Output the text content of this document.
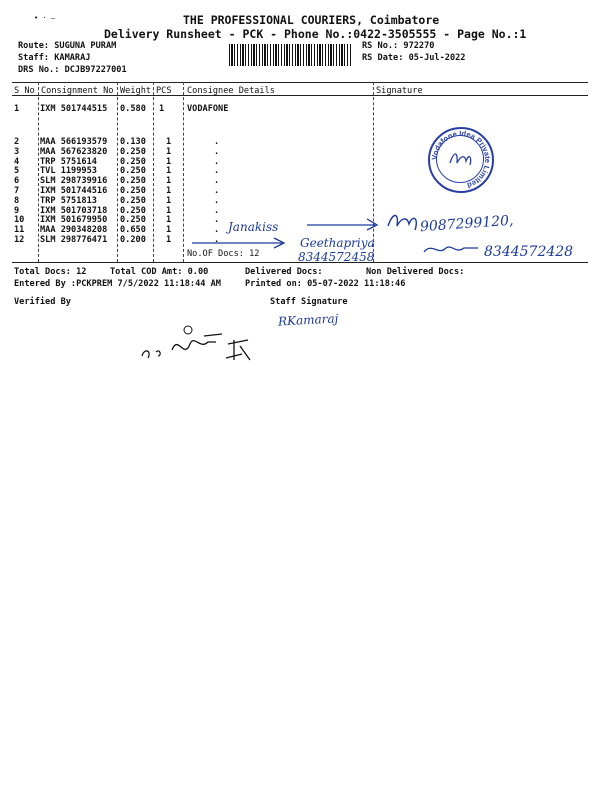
• · –	THE PROFESSIONAL COURIERS, Coimbatore
Delivery Runsheet - PCK - Phone No.:0422-3505555 - Page No.:1
Route: SUGUNA PURAM
Staff: KAMARAJ
DRS No.: DCJB97227001
RS No.: 972270
RS Date: 05-Jul-2022
S No Consignment No Weight PCS Consignee Details	Signature
1 IXM 501744515 0.580 1	VODAFONE
2	MAA 566193579	0.130	1	.
3	MAA 567623820	0.250	1	.
4	TRP 5751614	0.250	1	.
5	TVL 1199953	0.250	1	.
6	SLM 298739916	0.250	1	.
7	IXM 501744516	0.250	1	.
8	TRP 5751813	0.250	1	.
9	IXM 501703718	0.250	1	.
10	IXM 501679950	0.250	1	.
11	MAA 290348208	0.650	1	.
12	SLM 298776471	0.200	1	.
No.OF Docs: 12
Total Docs: 12	Total COD Amt: 0.00	Delivered Docs:	Non Delivered Docs:
Entered By :PCKPREM 7/5/2022 11:18:44 AM	Printed on: 05-07-2022 11:18:46
Verified By	Staff Signature
Janakiss	9087299120,
Geethapriya
8344572458	8344572428
Vodafone Idea Private Limited
RKamaraj
